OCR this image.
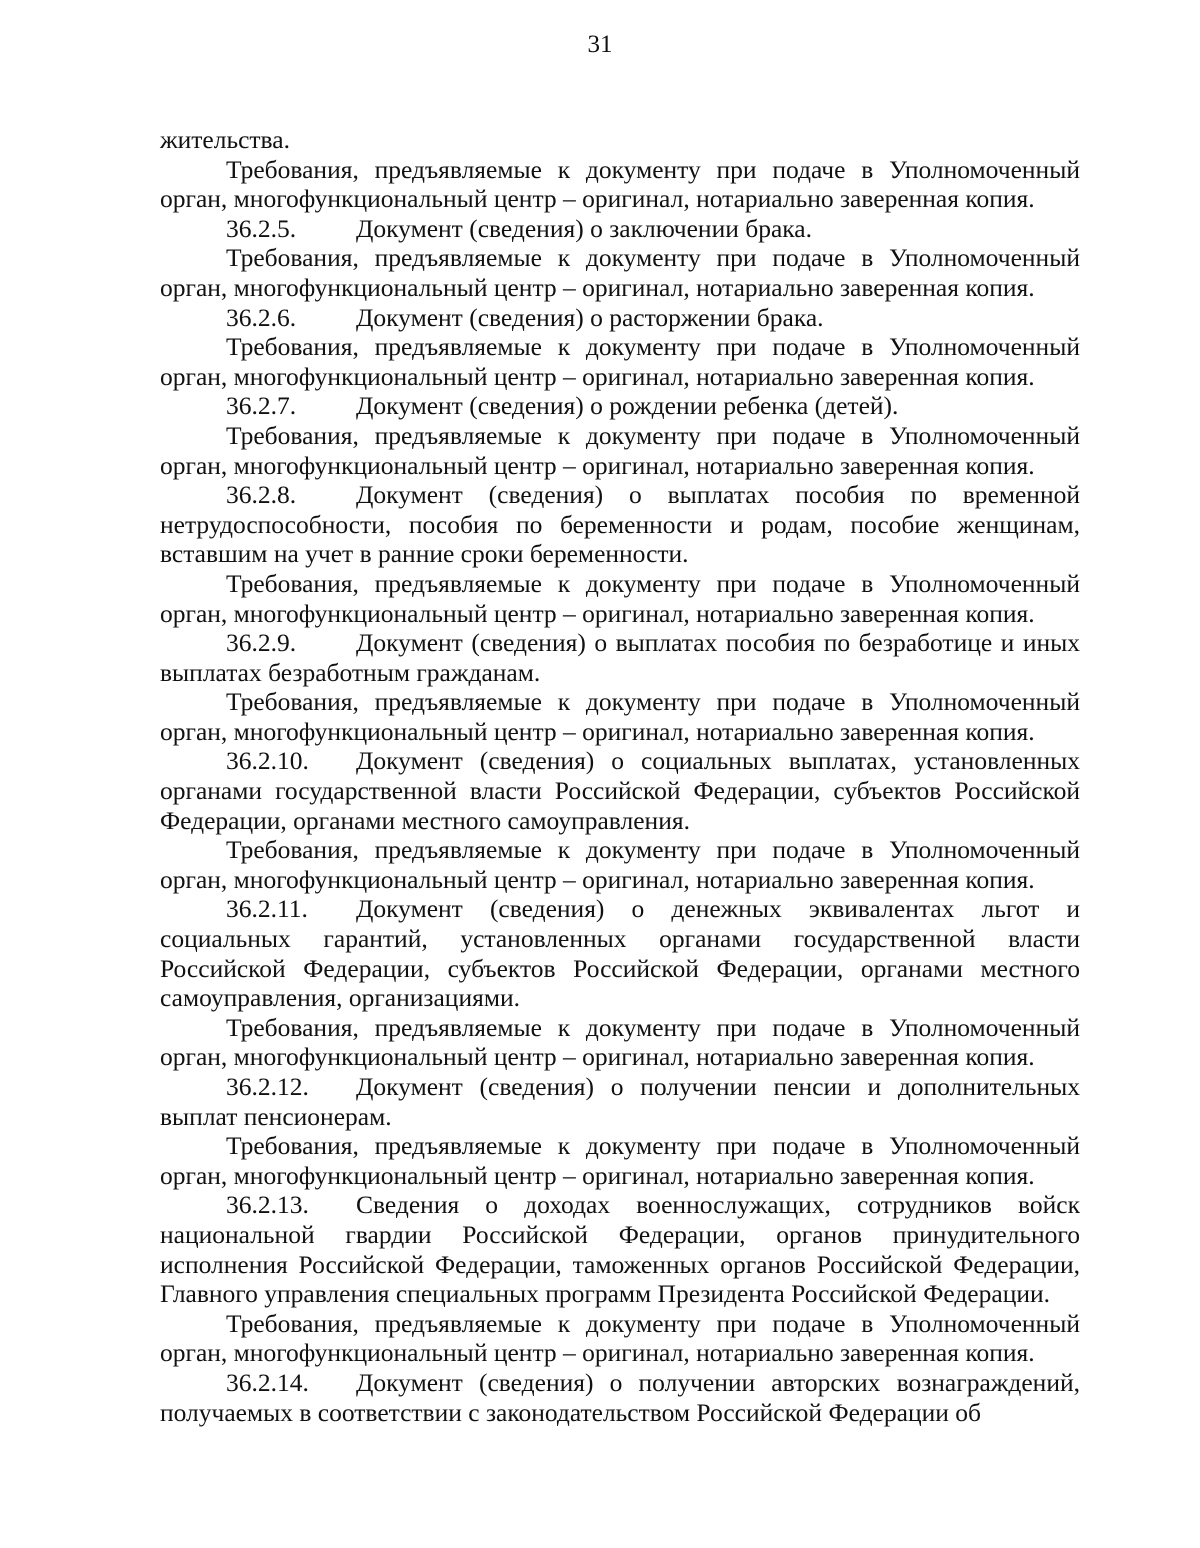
31

жительства.

Требования, предъявляемые к документу при подаче в Уполномоченный орган, многофункциональный центр – оригинал, нотариально заверенная копия.

36.2.5. Документ (сведения) о заключении брака.

Требования, предъявляемые к документу при подаче в Уполномоченный орган, многофункциональный центр – оригинал, нотариально заверенная копия.

36.2.6. Документ (сведения) о расторжении брака.

Требования, предъявляемые к документу при подаче в Уполномоченный орган, многофункциональный центр – оригинал, нотариально заверенная копия.

36.2.7. Документ (сведения) о рождении ребенка (детей).

Требования, предъявляемые к документу при подаче в Уполномоченный орган, многофункциональный центр – оригинал, нотариально заверенная копия.

36.2.8. Документ (сведения) о выплатах пособия по временной нетрудоспособности, пособия по беременности и родам, пособие женщинам, вставшим на учет в ранние сроки беременности.

Требования, предъявляемые к документу при подаче в Уполномоченный орган, многофункциональный центр – оригинал, нотариально заверенная копия.

36.2.9. Документ (сведения) о выплатах пособия по безработице и иных выплатах безработным гражданам.

Требования, предъявляемые к документу при подаче в Уполномоченный орган, многофункциональный центр – оригинал, нотариально заверенная копия.

36.2.10. Документ (сведения) о социальных выплатах, установленных органами государственной власти Российской Федерации, субъектов Российской Федерации, органами местного самоуправления.

Требования, предъявляемые к документу при подаче в Уполномоченный орган, многофункциональный центр – оригинал, нотариально заверенная копия.

36.2.11. Документ (сведения) о денежных эквивалентах льгот и социальных гарантий, установленных органами государственной власти Российской Федерации, субъектов Российской Федерации, органами местного самоуправления, организациями.

Требования, предъявляемые к документу при подаче в Уполномоченный орган, многофункциональный центр – оригинал, нотариально заверенная копия.

36.2.12. Документ (сведения) о получении пенсии и дополнительных выплат пенсионерам.

Требования, предъявляемые к документу при подаче в Уполномоченный орган, многофункциональный центр – оригинал, нотариально заверенная копия.

36.2.13. Сведения о доходах военнослужащих, сотрудников войск национальной гвардии Российской Федерации, органов принудительного исполнения Российской Федерации, таможенных органов Российской Федерации, Главного управления специальных программ Президента Российской Федерации.

Требования, предъявляемые к документу при подаче в Уполномоченный орган, многофункциональный центр – оригинал, нотариально заверенная копия.

36.2.14. Документ (сведения) о получении авторских вознаграждений, получаемых в соответствии с законодательством Российской Федерации об
